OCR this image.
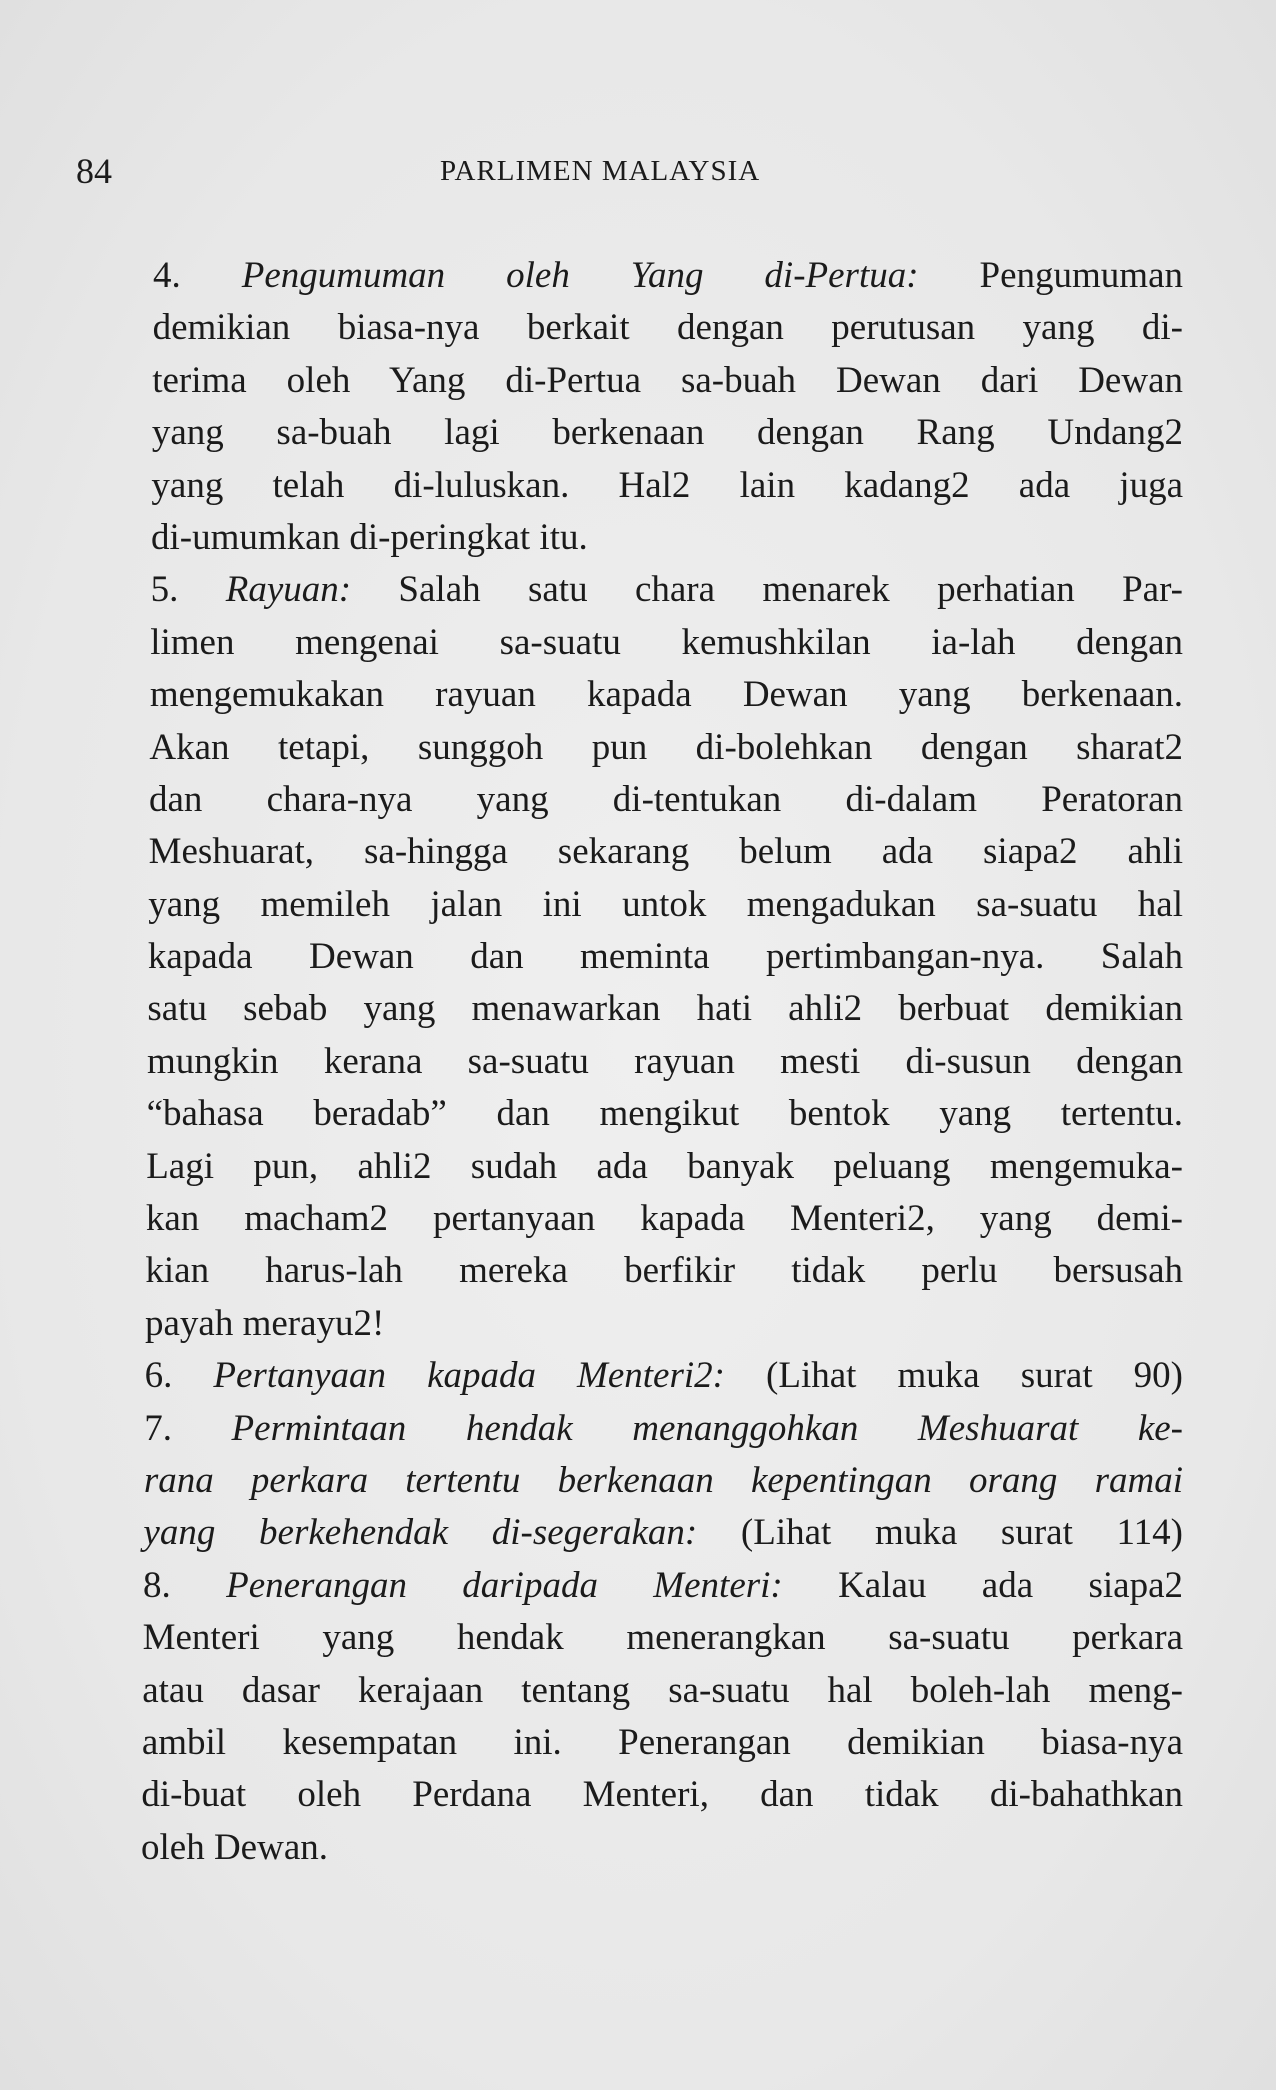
84	PARLIMEN MALAYSIA
4. Pengumuman oleh Yang di-Pertua: Pengumuman
demikian biasa-nya berkait dengan perutusan yang di-
terima oleh Yang di-Pertua sa-buah Dewan dari Dewan
yang sa-buah lagi berkenaan dengan Rang Undang2
yang telah di-luluskan. Hal2 lain kadang2 ada juga
di-umumkan di-peringkat itu.
5. Rayuan: Salah satu chara menarek perhatian Par-
limen mengenai sa-suatu kemushkilan ia-lah dengan
mengemukakan rayuan kapada Dewan yang berkenaan.
Akan tetapi, sunggoh pun di-bolehkan dengan sharat2
dan chara-nya yang di-tentukan di-dalam Peratoran
Meshuarat, sa-hingga sekarang belum ada siapa2 ahli
yang memileh jalan ini untok mengadukan sa-suatu hal
kapada Dewan dan meminta pertimbangan-nya. Salah
satu sebab yang menawarkan hati ahli2 berbuat demikian
mungkin kerana sa-suatu rayuan mesti di-susun dengan
“bahasa beradab” dan mengikut bentok yang tertentu.
Lagi pun, ahli2 sudah ada banyak peluang mengemuka-
kan macham2 pertanyaan kapada Menteri2, yang demi-
kian harus-lah mereka berfikir tidak perlu bersusah
payah merayu2!
6. Pertanyaan kapada Menteri2: (Lihat muka surat 90)
7. Permintaan hendak menanggohkan Meshuarat ke-
rana perkara tertentu berkenaan kepentingan orang ramai
yang berkehendak di-segerakan: (Lihat muka surat 114)
8. Penerangan daripada Menteri: Kalau ada siapa2
Menteri yang hendak menerangkan sa-suatu perkara
atau dasar kerajaan tentang sa-suatu hal boleh-lah meng-
ambil kesempatan ini. Penerangan demikian biasa-nya
di-buat oleh Perdana Menteri, dan tidak di-bahathkan
oleh Dewan.
